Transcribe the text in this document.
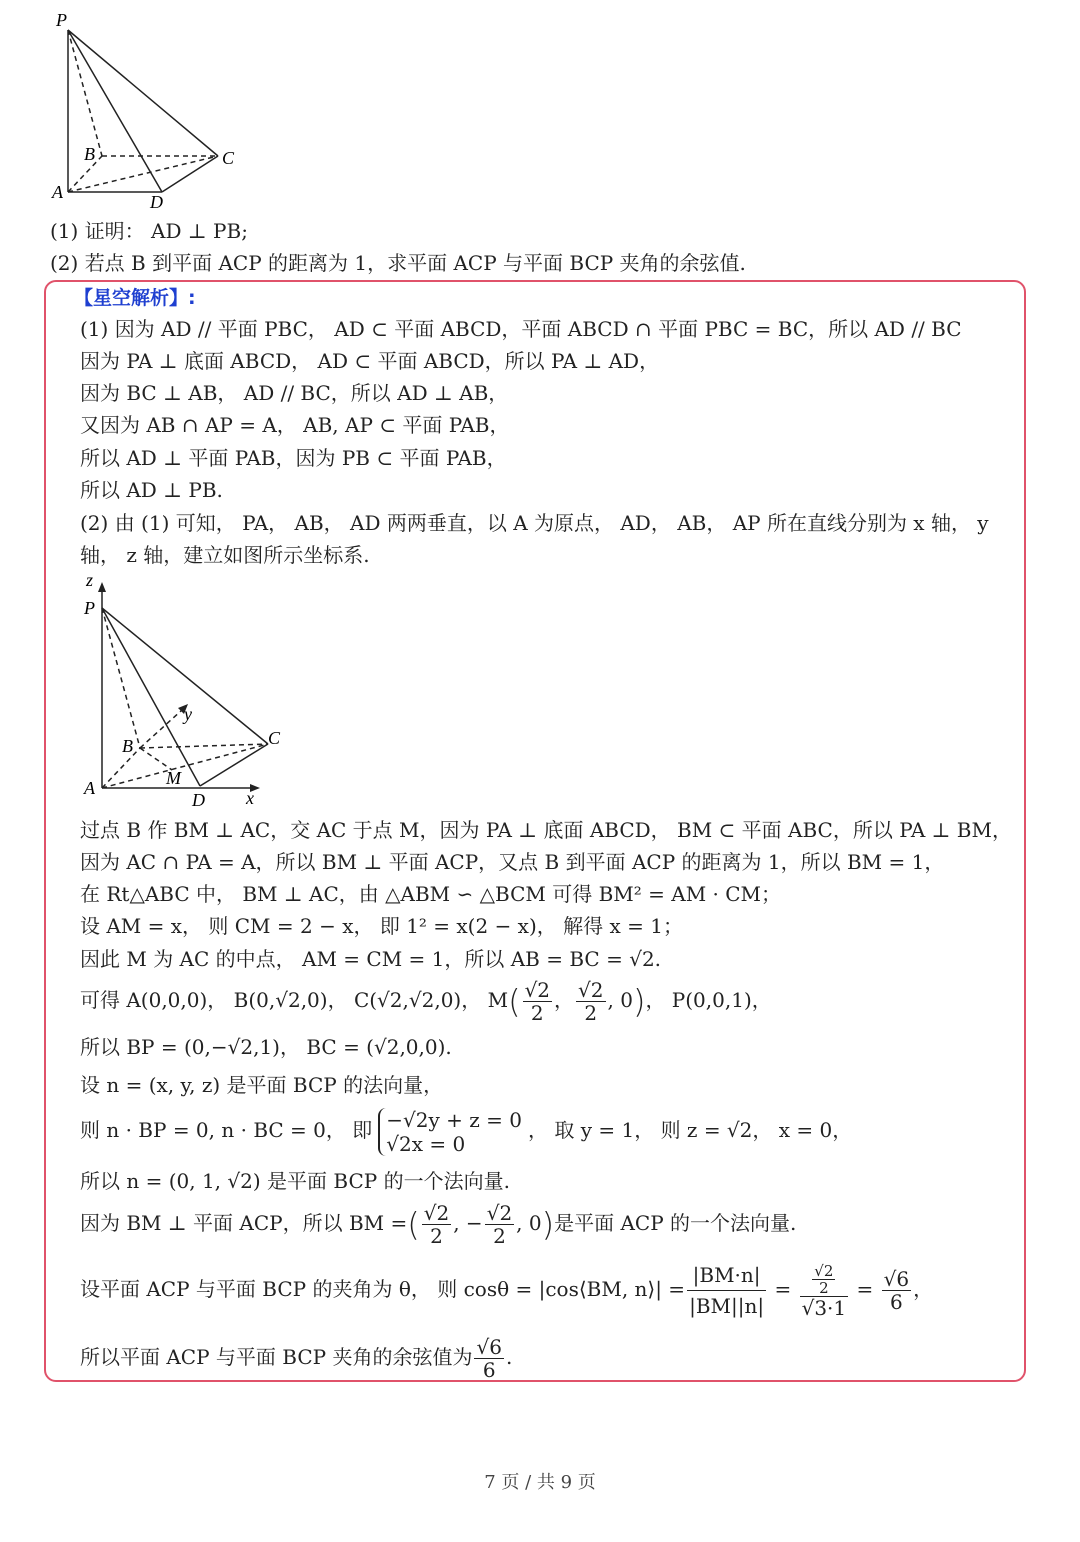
P
B	C
A	D
(1) 证明： AD ⊥ PB;
(2) 若点 B 到平面 ACP 的距离为 1，求平面 ACP 与平面 BCP 夹角的余弦值.
【星空解析】:
(1) 因为 AD // 平面 PBC， AD ⊂ 平面 ABCD，平面 ABCD ∩ 平面 PBC = BC，所以 AD // BC
因为 PA ⊥ 底面 ABCD， AD ⊂ 平面 ABCD，所以 PA ⊥ AD，
因为 BC ⊥ AB， AD // BC，所以 AD ⊥ AB，
又因为 AB ∩ AP = A， AB, AP ⊂ 平面 PAB，
所以 AD ⊥ 平面 PAB，因为 PB ⊂ 平面 PAB，
所以 AD ⊥ PB.
(2) 由 (1) 可知， PA， AB， AD 两两垂直，以 A 为原点， AD， AB， AP 所在直线分别为 x 轴， y
轴， z 轴，建立如图所示坐标系.
z
P
y
B	C
A	M
D x
过点 B 作 BM ⊥ AC，交 AC 于点 M，因为 PA ⊥ 底面 ABCD， BM ⊂ 平面 ABC，所以 PA ⊥ BM，
因为 AC ∩ PA = A，所以 BM ⊥ 平面 ACP，又点 B 到平面 ACP 的距离为 1，所以 BM = 1，
在 Rt△ABC 中， BM ⊥ AC，由 △ABM ∽ △BCM 可得 BM² = AM · CM；
设 AM = x， 则 CM = 2 − x， 即 1² = x(2 − x)， 解得 x = 1；
因此 M 为 AC 的中点， AM = CM = 1，所以 AB = BC = √2.
可得 A(0,0,0)， B(0,√2,0)， C(√2,√2,0)， $M( \frac{√2}{2}$ ， $\frac{√2}{2}$ , 0)， P(0,0,1)，
所以 BP = (0,−√2,1)， BC = (√2,0,0).
设 n = (x, y, z) 是平面 BCP 的法向量，
则 n · BP = 0, n · BC = 0， 即 −√2y + z = 0
√2x = 0
， 取 y = 1， 则 z = √2， x = 0，
所以 n = (0, 1, √2) 是平面 BCP 的一个法向量.
因为 BM ⊥ 平面 ACP，所以 BM =( $\frac{√2}{2}$ , − $\frac{√2}{2}$ , 0)是平面 ACP 的一个法向量.
设平面 ACP 与平面 BCP 的夹角为 θ， 则 cosθ = |cos⟨BM, n⟩| = $\frac{|BM\cdot n|}{|BM||n|} = \frac{\frac{√2}{2}}{√3\cdot 1} = \frac{√6}{6}$ ，
所以平面 ACP 与平面 BCP 夹角的余弦值为 $\frac{√6}{6}$ .
7 页 / 共 9 页
